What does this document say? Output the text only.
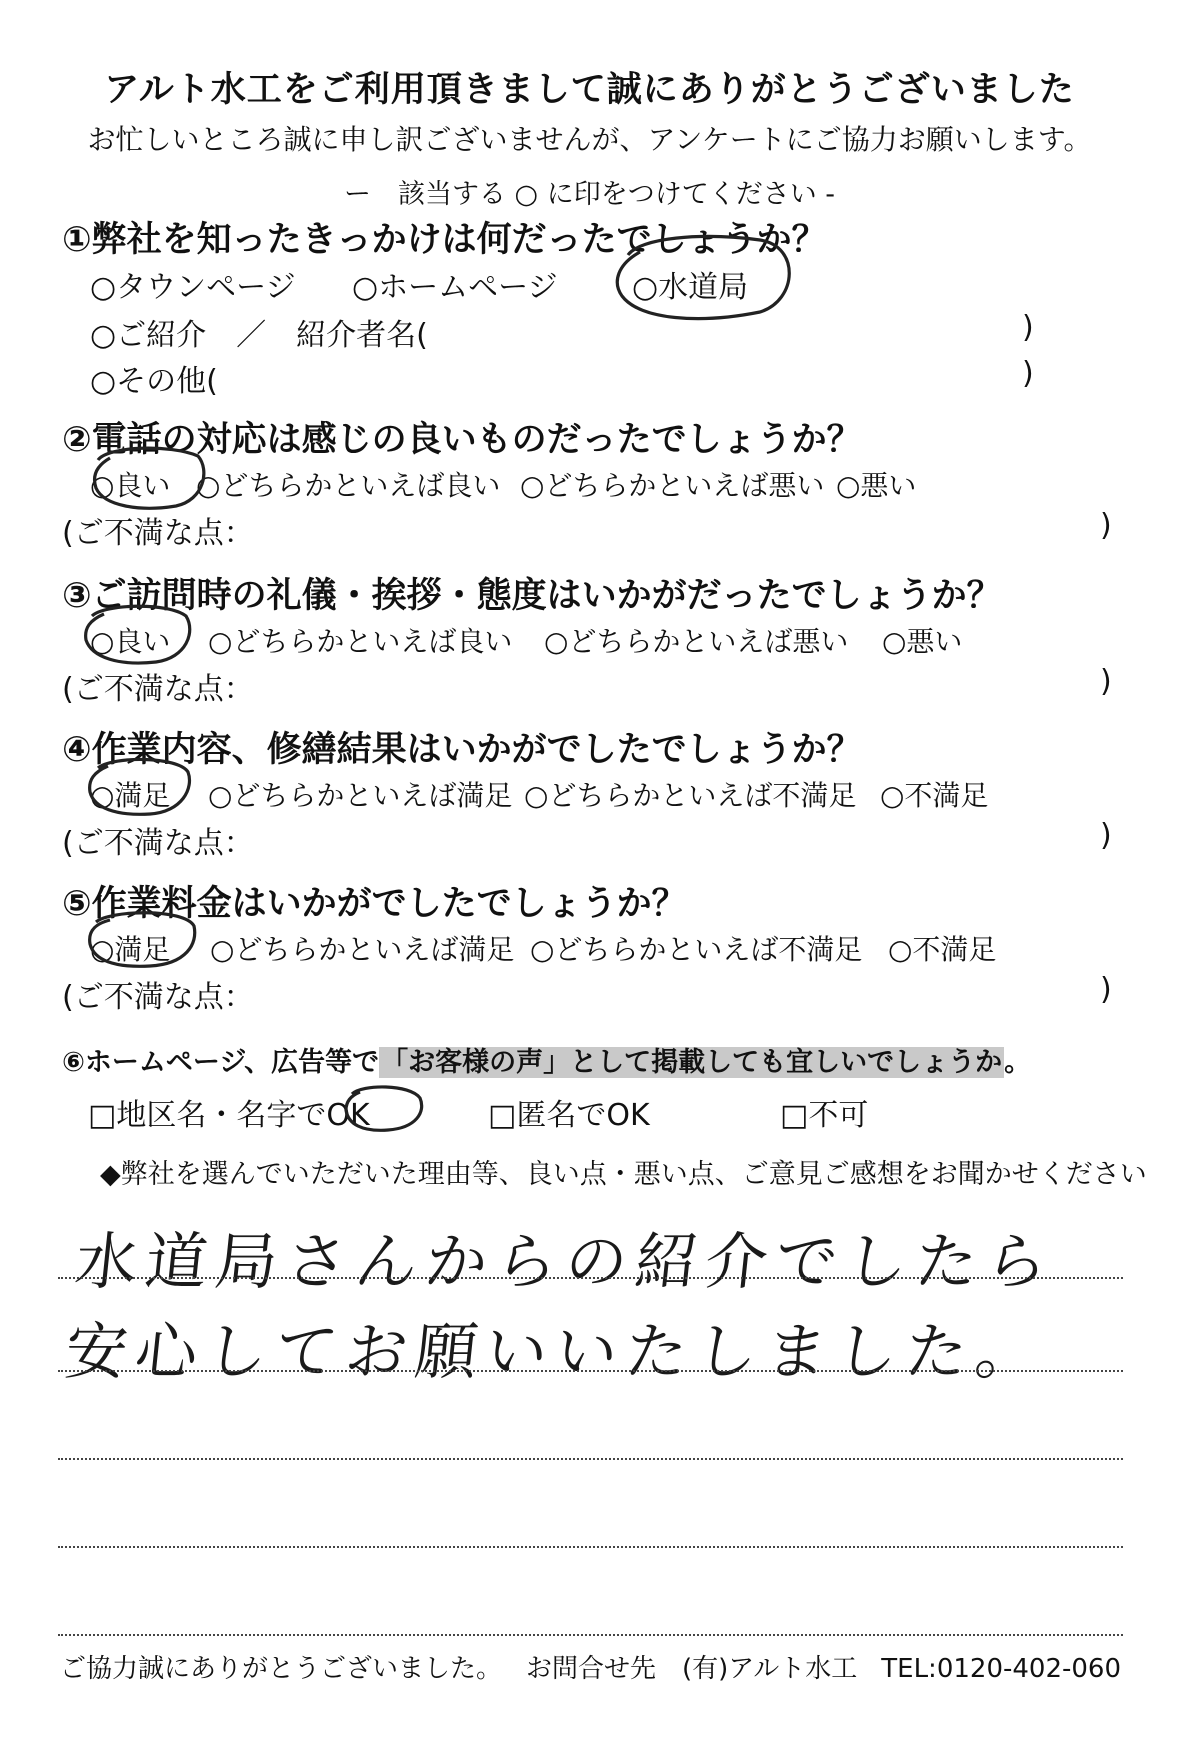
アルト水工をご利用頂きまして誠にありがとうございました
お忙しいところ誠に申し訳ございませんが、アンケートにご協力お願いします。
ー　該当する ○ に印をつけてください -
①弊社を知ったきっかけは何だったでしょうか？
○タウンページ ○ホームページ ○水道局
○ご紹介　／　紹介者名(	)
○その他(	)
②電話の対応は感じの良いものだったでしょうか？
○良い ○どちらかといえば良い ○どちらかといえば悪い ○悪い
(ご不満な点：	)
③ご訪問時の礼儀・挨拶・態度はいかがだったでしょうか？
○良い ○どちらかといえば良い ○どちらかといえば悪い ○悪い
(ご不満な点：	)
④作業内容、修繕結果はいかがでしたでしょうか？
○満足 ○どちらかといえば満足 ○どちらかといえば不満足 ○不満足
(ご不満な点：	)
⑤作業料金はいかがでしたでしょうか？
○満足 ○どちらかといえば満足 ○どちらかといえば不満足 ○不満足
(ご不満な点：	)
⑥ホームページ、広告等で「お客様の声」として掲載しても宜しいでしょうか。
□地区名・名字でOK	□匿名でOK	□不可
◆弊社を選んでいただいた理由等、良い点・悪い点、ご意見ご感想をお聞かせください
水道局さんからの紹介でしたら
安心してお願いいたしました。
ご協力誠にありがとうございました。 お問合せ先　(有)アルト水工 TEL:0120-402-060
